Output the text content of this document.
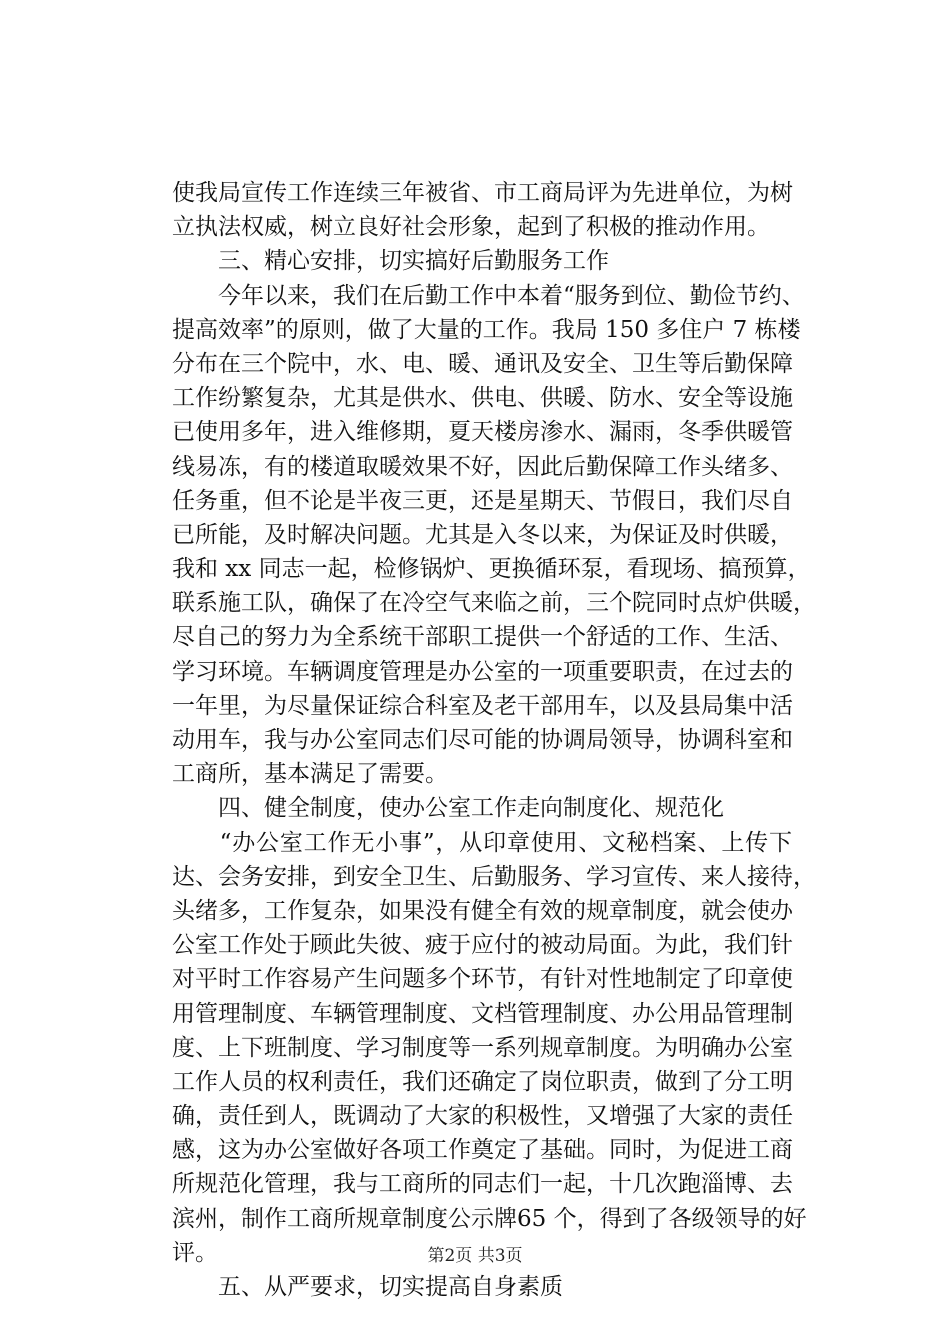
使我局宣传工作连续三年被省、市工商局评为先进单位，为树
立执法权威，树立良好社会形象，起到了积极的推动作用。
　　三、精心安排，切实搞好后勤服务工作
　　今年以来，我们在后勤工作中本着“服务到位、勤俭节约、
提高效率”的原则，做了大量的工作。我局 150 多住户 7 栋楼
分布在三个院中，水、电、暖、通讯及安全、卫生等后勤保障
工作纷繁复杂，尤其是供水、供电、供暖、防水、安全等设施
已使用多年，进入维修期，夏天楼房渗水、漏雨，冬季供暖管
线易冻，有的楼道取暖效果不好，因此后勤保障工作头绪多、
任务重，但不论是半夜三更，还是星期天、节假日，我们尽自
已所能，及时解决问题。尤其是入冬以来，为保证及时供暖，
我和 xx 同志一起，检修锅炉、更换循环泵，看现场、搞预算，
联系施工队，确保了在冷空气来临之前，三个院同时点炉供暖，
尽自己的努力为全系统干部职工提供一个舒适的工作、生活、
学习环境。车辆调度管理是办公室的一项重要职责，在过去的
一年里，为尽量保证综合科室及老干部用车，以及县局集中活
动用车，我与办公室同志们尽可能的协调局领导，协调科室和
工商所，基本满足了需要。
　　四、健全制度，使办公室工作走向制度化、规范化
　　“办公室工作无小事”，从印章使用、文秘档案、上传下
达、会务安排，到安全卫生、后勤服务、学习宣传、来人接待，
头绪多，工作复杂，如果没有健全有效的规章制度，就会使办
公室工作处于顾此失彼、疲于应付的被动局面。为此，我们针
对平时工作容易产生问题多个环节，有针对性地制定了印章使
用管理制度、车辆管理制度、文档管理制度、办公用品管理制
度、上下班制度、学习制度等一系列规章制度。为明确办公室
工作人员的权利责任，我们还确定了岗位职责，做到了分工明
确，责任到人，既调动了大家的积极性，又增强了大家的责任
感，这为办公室做好各项工作奠定了基础。同时，为促进工商
所规范化管理，我与工商所的同志们一起，十几次跑淄博、去
滨州，制作工商所规章制度公示牌65 个，得到了各级领导的好
评。
　　五、从严要求，切实提高自身素质
第2页 共3页
